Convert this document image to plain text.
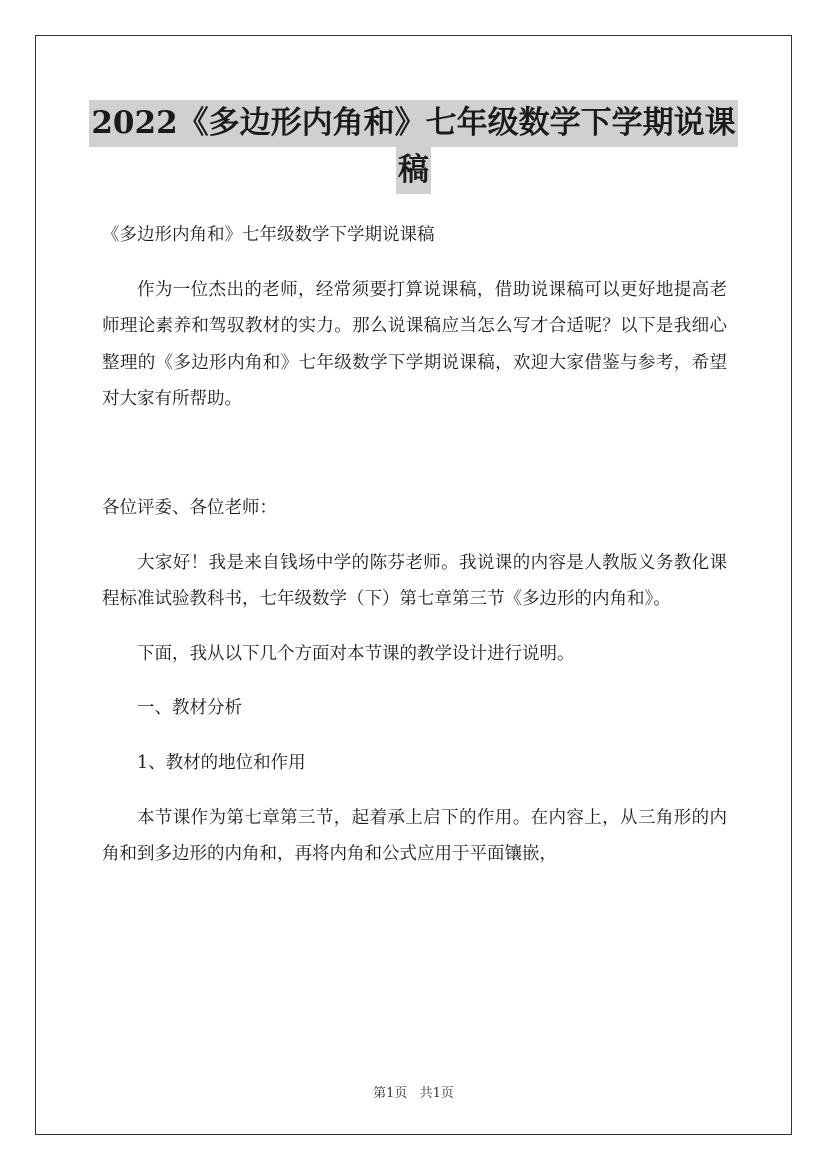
2022《多边形内角和》七年级数学下学期说课
稿

《多边形内角和》七年级数学下学期说课稿

作为一位杰出的老师，经常须要打算说课稿，借助说课稿可以更好地提高老师理论素养和驾驭教材的实力。那么说课稿应当怎么写才合适呢？以下是我细心整理的《多边形内角和》七年级数学下学期说课稿，欢迎大家借鉴与参考，希望对大家有所帮助。

各位评委、各位老师：

大家好！我是来自钱场中学的陈芬老师。我说课的内容是人教版义务教化课程标准试验教科书，七年级数学（下）第七章第三节《多边形的内角和》。

下面，我从以下几个方面对本节课的教学设计进行说明。

一、教材分析

1、教材的地位和作用

本节课作为第七章第三节，起着承上启下的作用。在内容上，从三角形的内角和到多边形的内角和，再将内角和公式应用于平面镶嵌，

第1页 共1页
